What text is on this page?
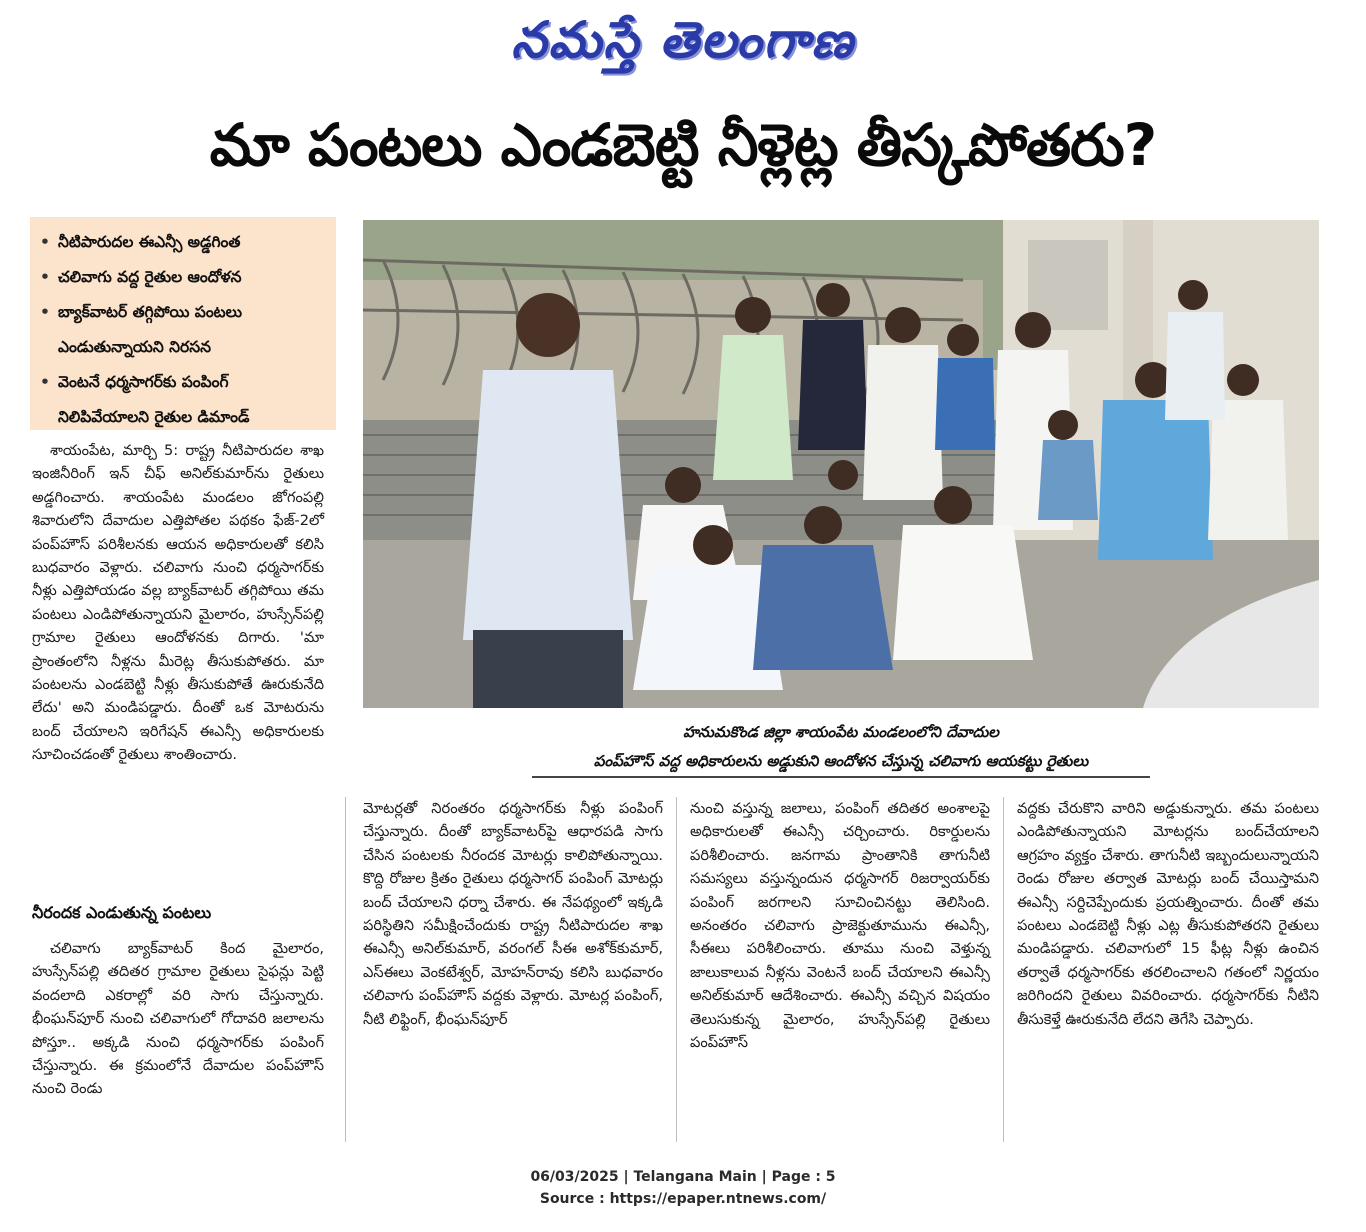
నమస్తే తెలంగాణ
మా పంటలు ఎండబెట్టి నీళ్లెట్ల తీస్కపోతరు?
• నీటిపారుదల ఈఎన్సీ అడ్డగింత
• చలివాగు వద్ద రైతుల ఆందోళన
• బ్యాక్‌వాటర్ తగ్గిపోయి పంటలు
ఎండుతున్నాయని నిరసన
• వెంటనే ధర్మసాగర్‌కు పంపింగ్
నిలిపివేయాలని రైతుల డిమాండ్
హనుమకొండ జిల్లా శాయంపేట మండలంలోని దేవాదుల
పంప్‌హౌస్ వద్ద అధికారులను అడ్డుకుని ఆందోళన చేస్తున్న చలివాగు ఆయకట్టు రైతులు

శాయంపేట, మార్చి 5: రాష్ట్ర నీటిపారుదల శాఖ ఇంజినీరింగ్ ఇన్ చీఫ్ అనిల్‌కుమార్‌ను రైతులు అడ్డగించారు. శాయంపేట మండలం జోగంపల్లి శివారులోని దేవాదుల ఎత్తిపోతల పథకం ఫేజ్-2లో పంప్‌హౌస్ పరిశీలనకు ఆయన అధికారులతో కలిసి బుధవారం వెళ్లారు. చలివాగు నుంచి ధర్మసాగర్‌కు నీళ్లు ఎత్తిపోయడం వల్ల బ్యాక్‌వాటర్ తగ్గిపోయి తమ పంటలు ఎండిపోతున్నాయని మైలారం, హుస్సేన్‌పల్లి గ్రామాల రైతులు ఆందోళనకు దిగారు. 'మా ప్రాంతంలోని నీళ్లను మీరెట్ల తీసుకుపోతరు. మా పంటలను ఎండబెట్టి నీళ్లు తీసుకుపోతే ఊరుకునేది లేదు' అని మండిపడ్డారు. దీంతో ఒక మోటరును బంద్ చేయాలని ఇరిగేషన్ ఈఎన్సీ అధికారులకు సూచించడంతో రైతులు శాంతించారు.

నీరందక ఎండుతున్న పంటలు

చలివాగు బ్యాక్‌వాటర్ కింద మైలారం, హుస్సేన్‌పల్లి తదితర గ్రామాల రైతులు సైఫన్లు పెట్టి వందలాది ఎకరాల్లో వరి సాగు చేస్తున్నారు. భీంఘన్‌పూర్ నుంచి చలివాగులో గోదావరి జలాలను పోస్తూ.. అక్కడి నుంచి ధర్మసాగర్‌కు పంపింగ్ చేస్తున్నారు. ఈ క్రమంలోనే దేవాదుల పంప్‌హౌస్ నుంచి రెండు

మోటర్లతో నిరంతరం ధర్మసాగర్‌కు నీళ్లు పంపింగ్ చేస్తున్నారు. దీంతో బ్యాక్‌వాటర్‌పై ఆధారపడి సాగు చేసిన పంటలకు నీరందక మోటర్లు కాలిపోతున్నాయి. కొద్ది రోజుల క్రితం రైతులు ధర్మసాగర్ పంపింగ్ మోటర్లు బంద్ చేయాలని ధర్నా చేశారు. ఈ నేపథ్యంలో ఇక్కడి పరిస్థితిని సమీక్షించేందుకు రాష్ట్ర నీటిపారుదల శాఖ ఈఎన్సీ అనిల్‌కుమార్, వరంగల్ సీఈ అశోక్‌కుమార్, ఎస్ఈలు వెంకటేశ్వర్, మోహన్‌రావు కలిసి బుధవారం చలివాగు పంప్‌హౌస్ వద్దకు వెళ్లారు. మోటర్ల పంపింగ్, నీటి లిఫ్టింగ్, భీంఘన్‌పూర్

నుంచి వస్తున్న జలాలు, పంపింగ్ తదితర అంశాలపై అధికారులతో ఈఎన్సీ చర్చించారు. రికార్డులను పరిశీలించారు. జనగామ ప్రాంతానికి తాగునీటి సమస్యలు వస్తున్నందున ధర్మసాగర్ రిజర్వాయర్‌కు పంపింగ్ జరగాలని సూచించినట్టు తెలిసింది. అనంతరం చలివాగు ప్రాజెక్టుతూమును ఈఎన్సీ, సీఈలు పరిశీలించారు. తూము నుంచి వెళ్తున్న జాలుకాలువ నీళ్లను వెంటనే బంద్ చేయాలని ఈఎన్సీ అనిల్‌కుమార్ ఆదేశించారు. ఈఎన్సీ వచ్చిన విషయం తెలుసుకున్న మైలారం, హుస్సేన్‌పల్లి రైతులు పంప్‌హౌస్

వద్దకు చేరుకొని వారిని అడ్డుకున్నారు. తమ పంటలు ఎండిపోతున్నాయని మోటర్లను బంద్‌చేయాలని ఆగ్రహం వ్యక్తం చేశారు. తాగునీటి ఇబ్బందులున్నాయని రెండు రోజుల తర్వాత మోటర్లు బంద్ చేయిస్తామని ఈఎన్సీ సర్దిచెప్పేందుకు ప్రయత్నించారు. దీంతో తమ పంటలు ఎండబెట్టి నీళ్లు ఎట్ల తీసుకుపోతరని రైతులు మండిపడ్డారు. చలివాగులో 15 ఫీట్ల నీళ్లు ఉంచిన తర్వాతే ధర్మసాగర్‌కు తరలించాలని గతంలో నిర్ణయం జరిగిందని రైతులు వివరించారు. ధర్మసాగర్‌కు నీటిని తీసుకెళ్తే ఊరుకునేది లేదని తెగేసి చెప్పారు.

06/03/2025 | Telangana Main | Page : 5
Source : https://epaper.ntnews.com/
